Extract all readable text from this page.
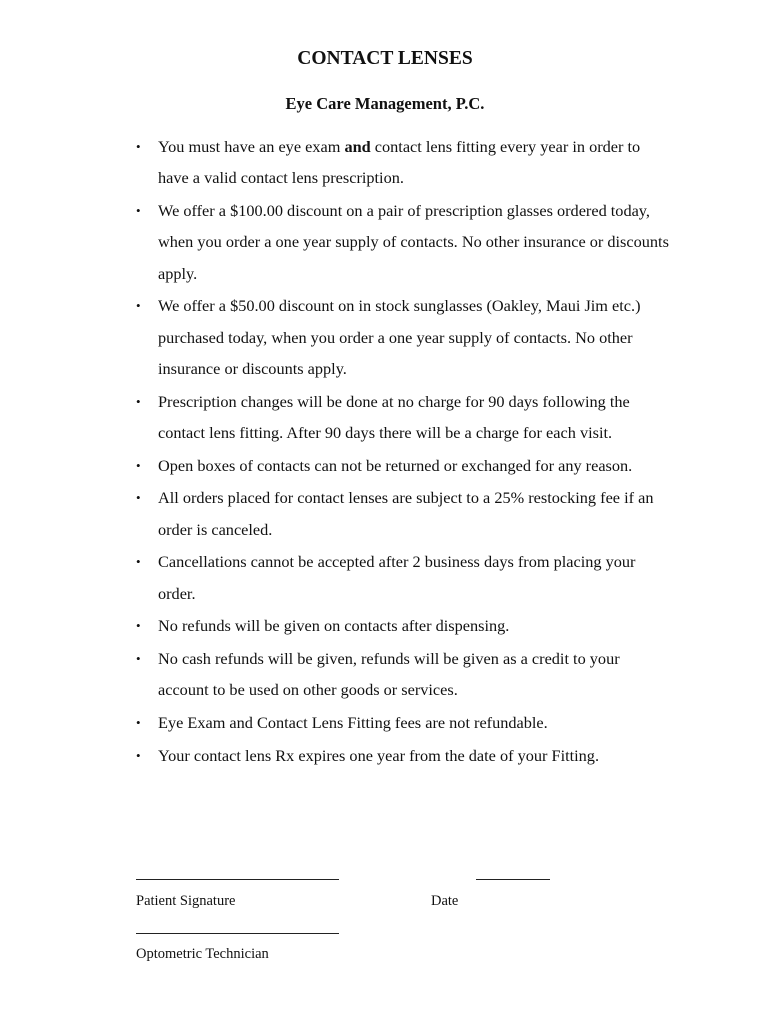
CONTACT LENSES
Eye Care Management, P.C.
• You must have an eye exam and contact lens fitting every year in order to have a valid contact lens prescription.
• We offer a $100.00 discount on a pair of prescription glasses ordered today, when you order a one year supply of contacts. No other insurance or discounts apply.
• We offer a $50.00 discount on in stock sunglasses (Oakley, Maui Jim etc.) purchased today, when you order a one year supply of contacts. No other insurance or discounts apply.
• Prescription changes will be done at no charge for 90 days following the contact lens fitting. After 90 days there will be a charge for each visit.
• Open boxes of contacts can not be returned or exchanged for any reason.
• All orders placed for contact lenses are subject to a 25% restocking fee if an order is canceled.
• Cancellations cannot be accepted after 2 business days from placing your order.
• No refunds will be given on contacts after dispensing.
• No cash refunds will be given, refunds will be given as a credit to your account to be used on other goods or services.
• Eye Exam and Contact Lens Fitting fees are not refundable.
• Your contact lens Rx expires one year from the date of your Fitting.

Patient Signature	Date

Optometric Technician
